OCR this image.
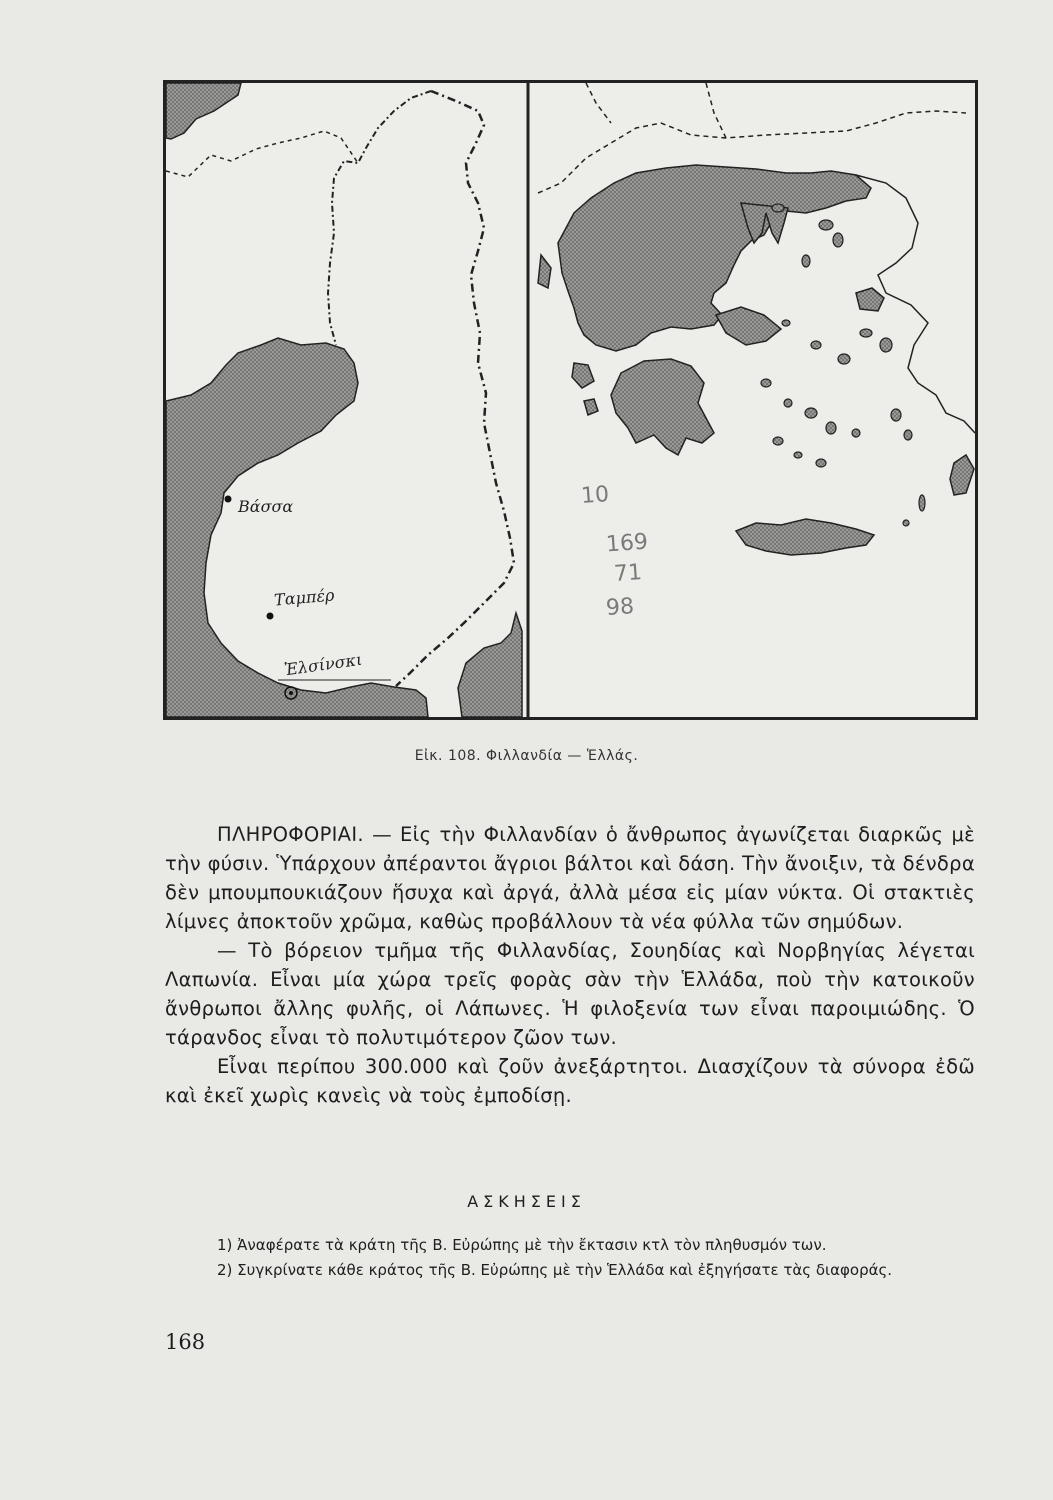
Βάσσα
Ταμπέρ
Ἐλσίνσκι
10
169
71
98
Εἰκ. 108. Φιλλανδία — Ἑλλάς.

ΠΛΗΡΟΦΟΡΙΑΙ. — Εἰς τὴν Φιλλανδίαν ὁ ἄνθρωπος ἀγωνίζεται διαρκῶς μὲ τὴν φύσιν. Ὑπάρχουν ἀπέραντοι ἄγριοι βάλτοι καὶ δάση. Τὴν ἄνοιξιν, τὰ δένδρα δὲν μπουμπουκιάζουν ἥσυχα καὶ ἀργά, ἀλλὰ μέσα εἰς μίαν νύκτα. Οἱ στακτιὲς λίμνες ἀποκτοῦν χρῶμα, καθὼς προβάλλουν τὰ νέα φύλλα τῶν σημύδων.

— Τὸ βόρειον τμῆμα τῆς Φιλλανδίας, Σουηδίας καὶ Νορβηγίας λέγεται Λαπωνία. Εἶναι μία χώρα τρεῖς φορὰς σὰν τὴν Ἑλλάδα, ποὺ τὴν κατοικοῦν ἄνθρωποι ἄλλης φυλῆς, οἱ Λάπωνες. Ἡ φιλοξενία των εἶναι παροιμιώδης. Ὁ τάρανδος εἶναι τὸ πολυτιμότερον ζῶον των.

Εἶναι περίπου 300.000 καὶ ζοῦν ἀνεξάρτητοι. Διασχίζουν τὰ σύνορα ἐδῶ καὶ ἐκεῖ χωρὶς κανεὶς νὰ τοὺς ἐμποδίσῃ.

ΑΣΚΗΣΕΙΣ

1) Ἀναφέρατε τὰ κράτη τῆς Β. Εὐρώπης μὲ τὴν ἔκτασιν κτλ τὸν πληθυσμόν των.

2) Συγκρίνατε κάθε κράτος τῆς Β. Εὐρώπης μὲ τὴν Ἑλλάδα καὶ ἐξηγήσατε τὰς διαφοράς.

168
